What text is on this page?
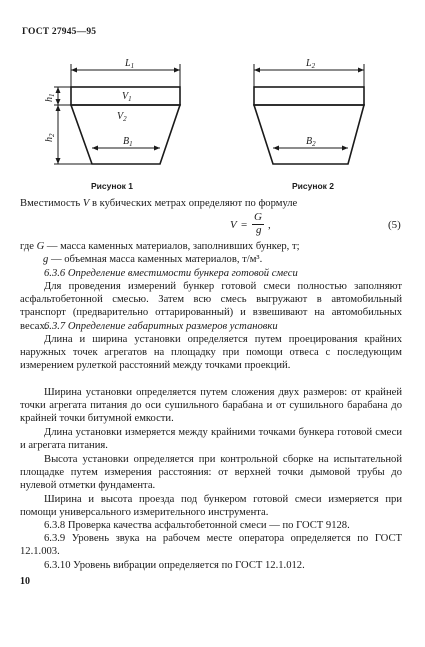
ГОСТ 27945—95
$L_1$
$V_1$
$V_2$
$B_1$
$h_1$
$h_2$
$L_2$
$B_2$
Рисунок 1	Рисунок 2
Вместимость V в кубических метрах определяют по формуле
V =
G
g ,	(5)
где G — масса каменных материалов, заполнивших бункер, т;
g — объемная масса каменных материалов, т/м³.
6.3.6 Определение вместимости бункера готовой смеси
Для проведения измерений бункер готовой смеси полностью заполняют асфальтобетонной смесью. Затем всю смесь выгружают в автомобильный транспорт (предварительно оттарированный) и взвешивают на автомобильных весах.
6.3.7 Определение габаритных размеров установки
Длина и ширина установки определяется путем проецирования крайних наружных точек агрегатов на площадку при помощи отвеса с последующим измерением рулеткой расстояний между точками проекций.
Ширина установки определяется путем сложения двух размеров: от крайней точки агрегата питания до оси сушильного барабана и от сушильного барабана до крайней точки битумной емкости.
Длина установки измеряется между крайними точками бункера готовой смеси и агрегата питания.
Высота установки определяется при контрольной сборке на испытательной площадке путем измерения расстояния: от верхней точки дымовой трубы до нулевой отметки фундамента.
Ширина и высота проезда под бункером готовой смеси измеряется при помощи универсального измерительного инструмента.
6.3.8 Проверка качества асфальтобетонной смеси — по ГОСТ 9128.
6.3.9 Уровень звука на рабочем месте оператора определяется по ГОСТ 12.1.003.
6.3.10 Уровень вибрации определяется по ГОСТ 12.1.012.
10
